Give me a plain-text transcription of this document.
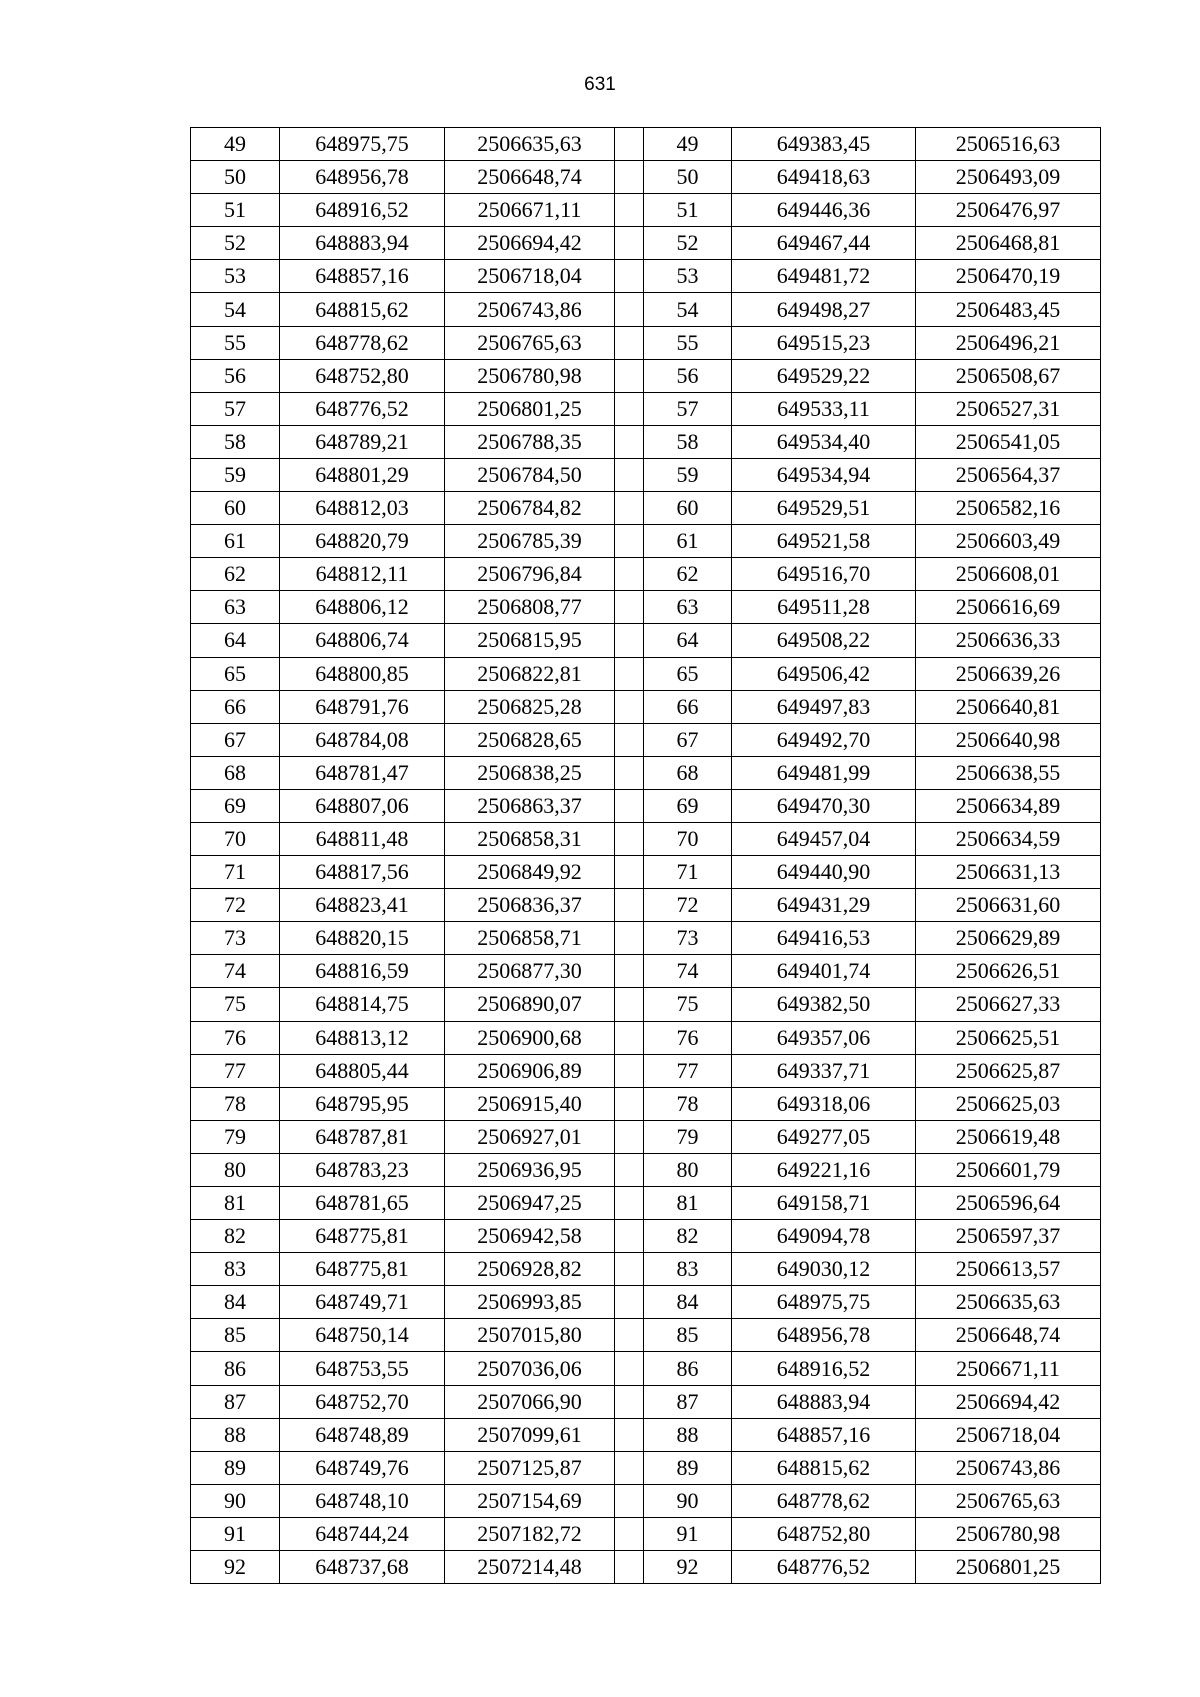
631
49	648975,75	2506635,63		49	649383,45	2506516,63
50	648956,78	2506648,74		50	649418,63	2506493,09
51	648916,52	2506671,11		51	649446,36	2506476,97
52	648883,94	2506694,42		52	649467,44	2506468,81
53	648857,16	2506718,04		53	649481,72	2506470,19
54	648815,62	2506743,86		54	649498,27	2506483,45
55	648778,62	2506765,63		55	649515,23	2506496,21
56	648752,80	2506780,98		56	649529,22	2506508,67
57	648776,52	2506801,25		57	649533,11	2506527,31
58	648789,21	2506788,35		58	649534,40	2506541,05
59	648801,29	2506784,50		59	649534,94	2506564,37
60	648812,03	2506784,82		60	649529,51	2506582,16
61	648820,79	2506785,39		61	649521,58	2506603,49
62	648812,11	2506796,84		62	649516,70	2506608,01
63	648806,12	2506808,77		63	649511,28	2506616,69
64	648806,74	2506815,95		64	649508,22	2506636,33
65	648800,85	2506822,81		65	649506,42	2506639,26
66	648791,76	2506825,28		66	649497,83	2506640,81
67	648784,08	2506828,65		67	649492,70	2506640,98
68	648781,47	2506838,25		68	649481,99	2506638,55
69	648807,06	2506863,37		69	649470,30	2506634,89
70	648811,48	2506858,31		70	649457,04	2506634,59
71	648817,56	2506849,92		71	649440,90	2506631,13
72	648823,41	2506836,37		72	649431,29	2506631,60
73	648820,15	2506858,71		73	649416,53	2506629,89
74	648816,59	2506877,30		74	649401,74	2506626,51
75	648814,75	2506890,07		75	649382,50	2506627,33
76	648813,12	2506900,68		76	649357,06	2506625,51
77	648805,44	2506906,89		77	649337,71	2506625,87
78	648795,95	2506915,40		78	649318,06	2506625,03
79	648787,81	2506927,01		79	649277,05	2506619,48
80	648783,23	2506936,95		80	649221,16	2506601,79
81	648781,65	2506947,25		81	649158,71	2506596,64
82	648775,81	2506942,58		82	649094,78	2506597,37
83	648775,81	2506928,82		83	649030,12	2506613,57
84	648749,71	2506993,85		84	648975,75	2506635,63
85	648750,14	2507015,80		85	648956,78	2506648,74
86	648753,55	2507036,06		86	648916,52	2506671,11
87	648752,70	2507066,90		87	648883,94	2506694,42
88	648748,89	2507099,61		88	648857,16	2506718,04
89	648749,76	2507125,87		89	648815,62	2506743,86
90	648748,10	2507154,69		90	648778,62	2506765,63
91	648744,24	2507182,72		91	648752,80	2506780,98
92	648737,68	2507214,48		92	648776,52	2506801,25
